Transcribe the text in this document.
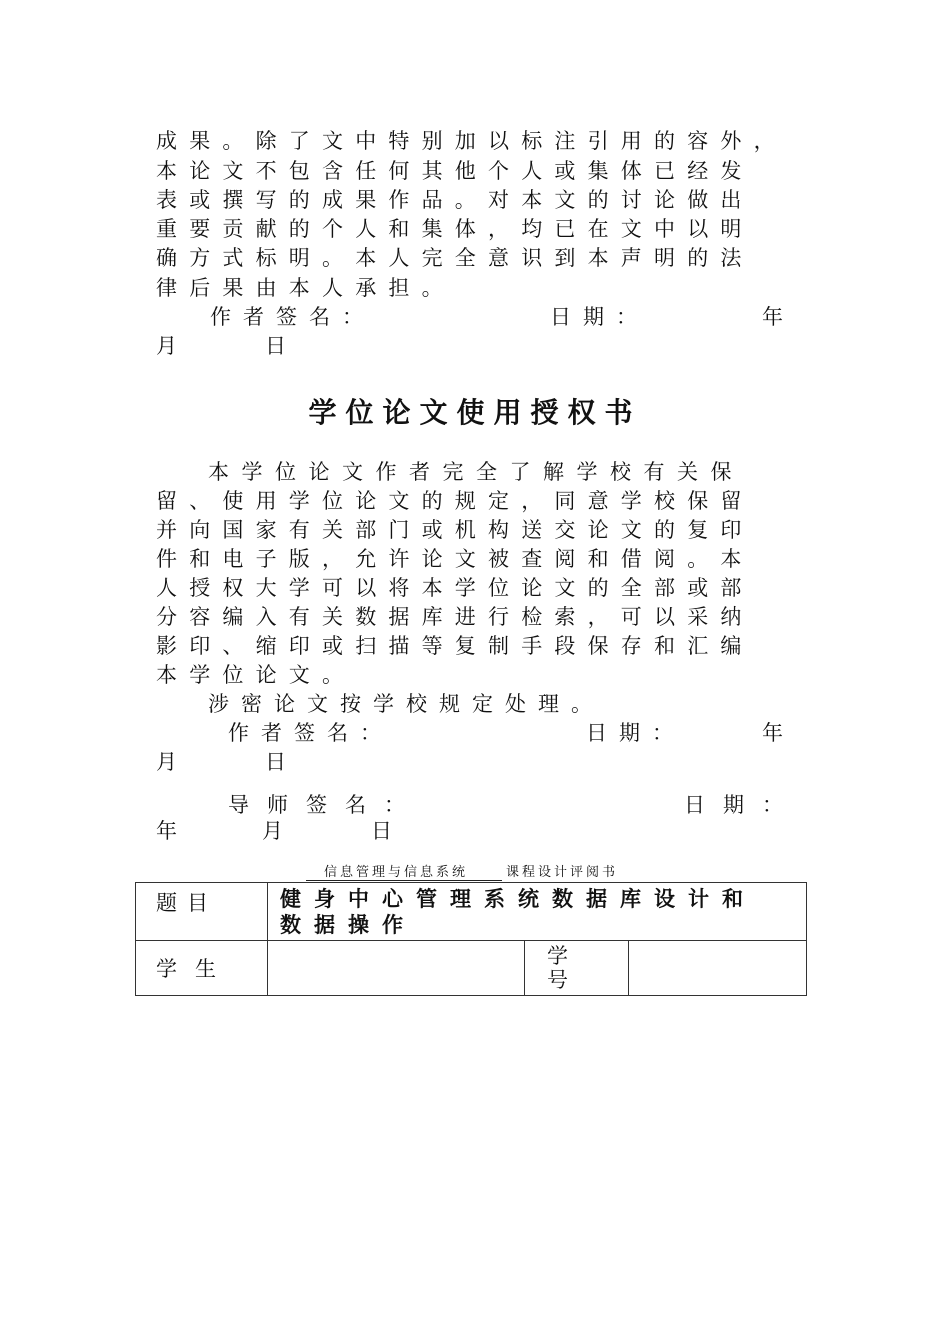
成果。除了文中特别加以标注引用的容外，
本论文不包含任何其他个人或集体已经发
表或撰写的成果作品。对本文的讨论做出
重要贡献的个人和集体，均已在文中以明
确方式标明。本人完全意识到本声明的法
律后果由本人承担。
作者签名：	日期：	年
月	日
学位论文使用授权书
本学位论文作者完全了解学校有关保
留、使用学位论文的规定，同意学校保留
并向国家有关部门或机构送交论文的复印
件和电子版，允许论文被查阅和借阅。本
人授权大学可以将本学位论文的全部或部
分容编入有关数据库进行检索，可以采纳
影印、缩印或扫描等复制手段保存和汇编
本学位论文。
涉密论文按学校规定处理。
作者签名：	日期：	年
月	日
导师签名：	日期：
年	月	日
信息管理与信息系统	课程设计评阅书
题目	健身中心管理系统数据库设计和
数据操作		

学生		学
号	
